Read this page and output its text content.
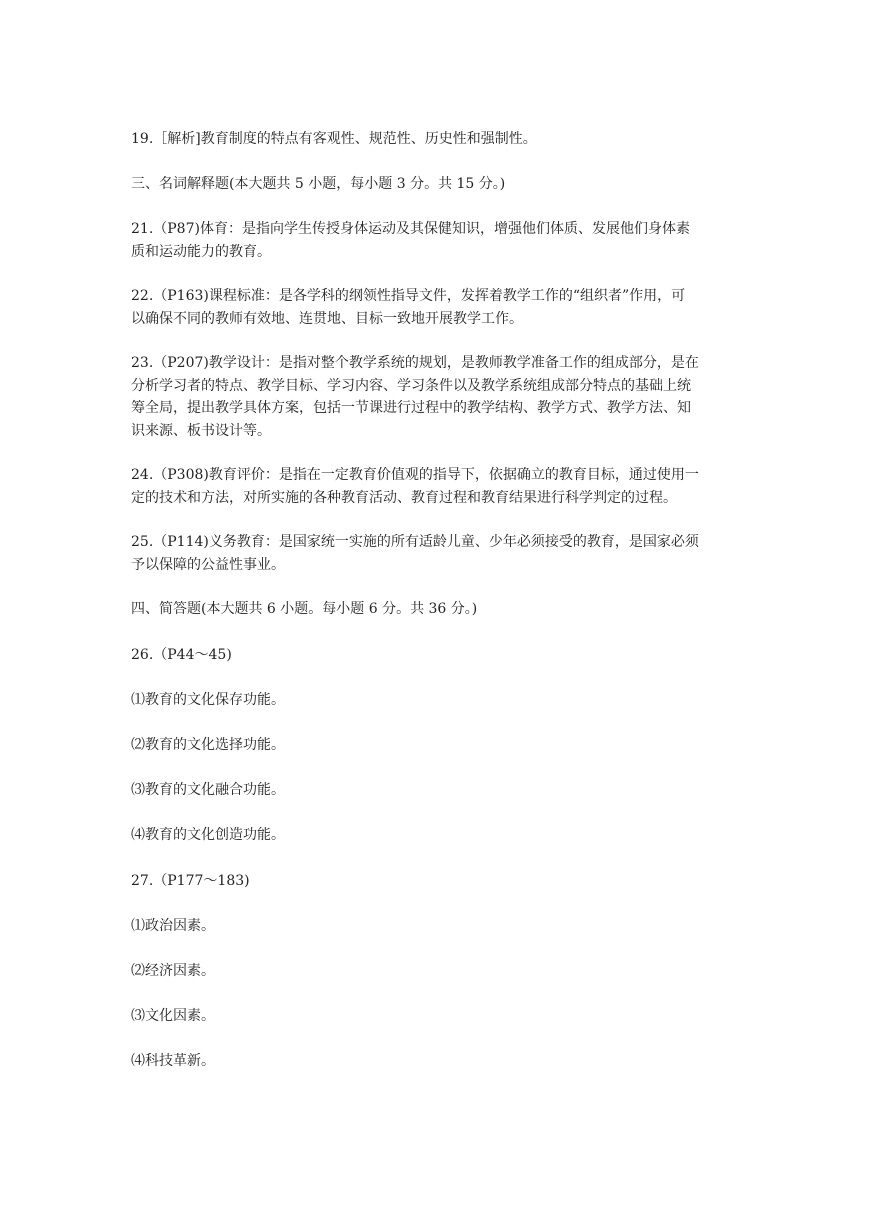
19.［解析]教育制度的特点有客观性、规范性、历史性和强制性。

三、名词解释题(本大题共 5 小题，每小题 3 分。共 15 分。)

21.（P87)体育：是指向学生传授身体运动及其保健知识，增强他们体质、发展他们身体素
质和运动能力的教育。

22.（P163)课程标准：是各学科的纲领性指导文件，发挥着教学工作的“组织者”作用，可
以确保不同的教师有效地、连贯地、目标一致地开展教学工作。

23.（P207)教学设计：是指对整个教学系统的规划，是教师教学准备工作的组成部分，是在
分析学习者的特点、教学目标、学习内容、学习条件以及教学系统组成部分特点的基础上统
筹全局，提出教学具体方案，包括一节课进行过程中的教学结构、教学方式、教学方法、知
识来源、板书设计等。

24.（P308)教育评价：是指在一定教育价值观的指导下，依据确立的教育目标，通过使用一
定的技术和方法，对所实施的各种教育活动、教育过程和教育结果进行科学判定的过程。

25.（P114)义务教育：是国家统一实施的所有适龄儿童、少年必须接受的教育，是国家必须
予以保障的公益性事业。

四、简答题(本大题共 6 小题。每小题 6 分。共 36 分。)

26.（P44～45)

⑴教育的文化保存功能。

⑵教育的文化选择功能。

⑶教育的文化融合功能。

⑷教育的文化创造功能。

27.（P177～183)

⑴政治因素。

⑵经济因素。

⑶文化因素。

⑷科技革新。
